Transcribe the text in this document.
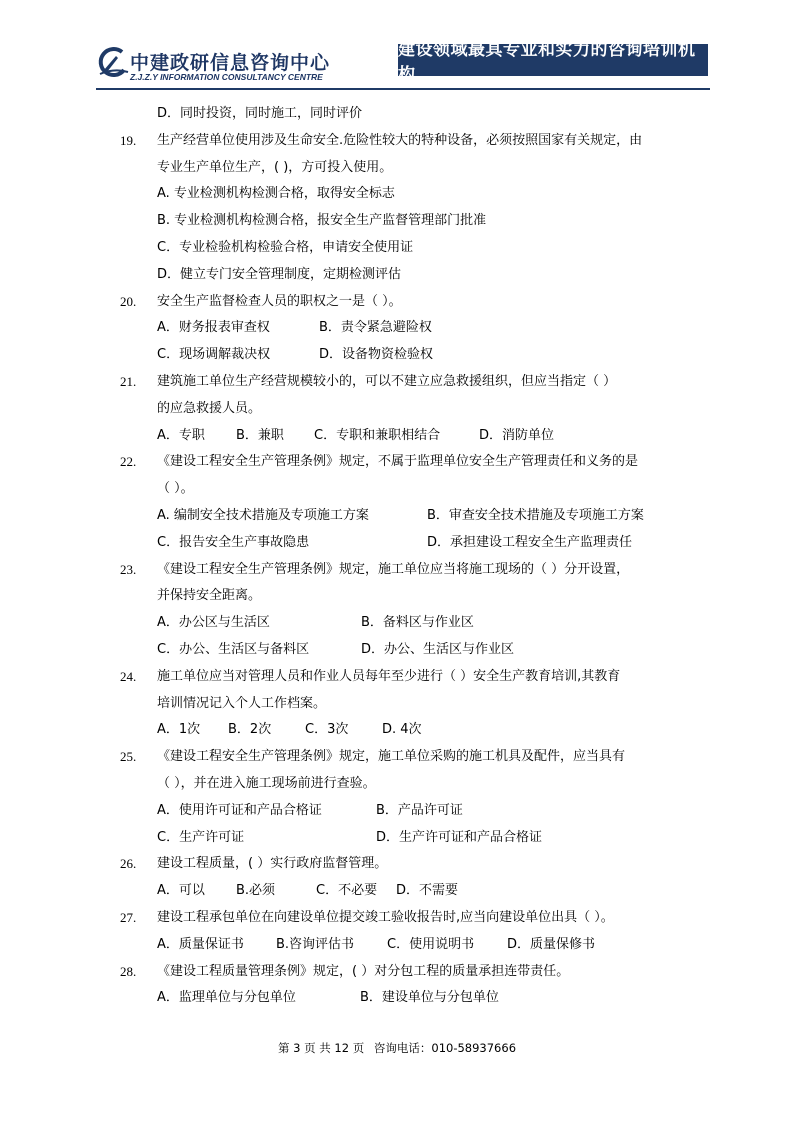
中建政研信息咨询中心
Z.J.Z.Y INFORMATION CONSULTANCY CENTRE
建设领域最具专业和实力的咨询培训机构
D．同时投资，同时施工，同时评价
19. 生产经营单位使用涉及生命安全.危险性较大的特种设备，必须按照国家有关规定，由
专业生产单位生产，( )，方可投入使用。
A. 专业检测机构检测合格，取得安全标志
B. 专业检测机构检测合格，报安全生产监督管理部门批准
C．专业检验机构检验合格，申请安全使用证
D．健立专门安全管理制度，定期检测评估
20. 安全生产监督检查人员的职权之一是（ ）。
A．财务报表审查权	B．责令紧急避险权
C．现场调解裁决权	D．设备物资检验权
21. 建筑施工单位生产经营规模较小的，可以不建立应急救援组织，但应当指定（ ）
的应急救援人员。
A．专职 B．兼职 C．专职和兼职相结合	D．消防单位
22. 《建设工程安全生产管理条例》规定，不属于监理单位安全生产管理责任和义务的是
（ ）。
A. 编制安全技术措施及专项施工方案	B．审查安全技术措施及专项施工方案
C．报告安全生产事故隐患	D．承担建设工程安全生产监理责任
23. 《建设工程安全生产管理条例》规定，施工单位应当将施工现场的（ ）分开设置，
并保持安全距离。
A．办公区与生活区	B．备料区与作业区
C．办公、生活区与备料区	D．办公、生活区与作业区
24. 施工单位应当对管理人员和作业人员每年至少进行（ ）安全生产教育培训,其教育
培训情况记入个人工作档案。
A．1次 B．2次	C．3次	D. 4次
25. 《建设工程安全生产管理条例》规定，施工单位采购的施工机具及配件，应当具有
（ ），并在进入施工现场前进行查验。
A．使用许可证和产品合格证	B．产品许可证
C．生产许可证	D．生产许可证和产品合格证
26. 建设工程质量，( ）实行政府监督管理。
A．可以 B.必须	C．不必要 D．不需要
27. 建设工程承包单位在向建设单位提交竣工验收报告时,应当向建设单位出具（ ）。
A．质量保证书 B.咨询评估书	C．使用说明书	D．质量保修书
28. 《建设工程质量管理条例》规定，( ）对分包工程的质量承担连带责任。
A．监理单位与分包单位	B．建设单位与分包单位
第 3 页 共 12 页 咨询电话：010-58937666
